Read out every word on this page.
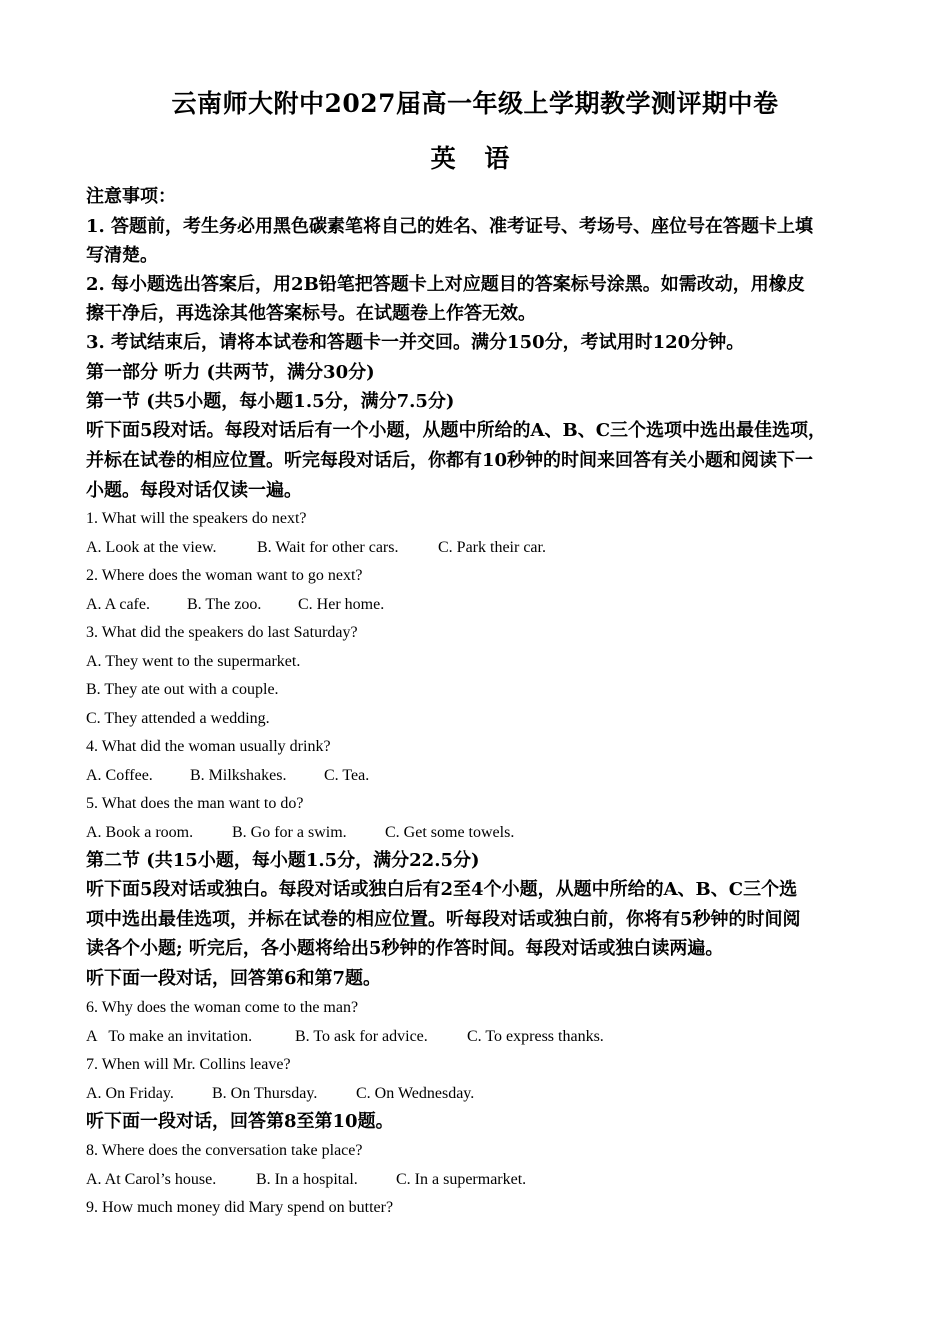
云南师大附中2027届高一年级上学期教学测评期中卷
英 语
注意事项：
1. 答题前，考生务必用黑色碳素笔将自己的姓名、准考证号、考场号、座位号在答题卡上填
写清楚。
2. 每小题选出答案后，用2B铅笔把答题卡上对应题目的答案标号涂黑。如需改动，用橡皮
擦干净后，再选涂其他答案标号。在试题卷上作答无效。
3. 考试结束后，请将本试卷和答题卡一并交回。满分150分，考试用时120分钟。
第一部分 听力 (共两节，满分30分)
第一节 (共5小题，每小题1.5分，满分7.5分)
听下面5段对话。每段对话后有一个小题，从题中所给的A、B、C三个选项中选出最佳选项，
并标在试卷的相应位置。听完每段对话后，你都有10秒钟的时间来回答有关小题和阅读下一
小题。每段对话仅读一遍。
1. What will the speakers do next?
A. Look at the view.	B. Wait for other cars. C. Park their car.
2. Where does the woman want to go next?
A. A cafe. B. The zoo. C. Her home.
3. What did the speakers do last Saturday?
A. They went to the supermarket.
B. They ate out with a couple.
C. They attended a wedding.
4. What did the woman usually drink?
A. Coffee. B. Milkshakes. C. Tea.
5. What does the man want to do?
A. Book a room. B. Go for a swim. C. Get some towels.
第二节 (共15小题，每小题1.5分，满分22.5分)
听下面5段对话或独白。每段对话或独白后有2至4个小题，从题中所给的A、B、C三个选
项中选出最佳选项，并标在试卷的相应位置。听每段对话或独白前，你将有5秒钟的时间阅
读各个小题; 听完后，各小题将给出5秒钟的作答时间。每段对话或独白读两遍。
听下面一段对话，回答第6和第7题。
6. Why does the woman come to the man?
A   To make an invitation.	B. To ask for advice. C. To express thanks.
7. When will Mr. Collins leave?
A. On Friday. B. On Thursday. C. On Wednesday.
听下面一段对话，回答第8至第10题。
8. Where does the conversation take place?
A. At Carol’s house. B. In a hospital. C. In a supermarket.
9. How much money did Mary spend on butter?
